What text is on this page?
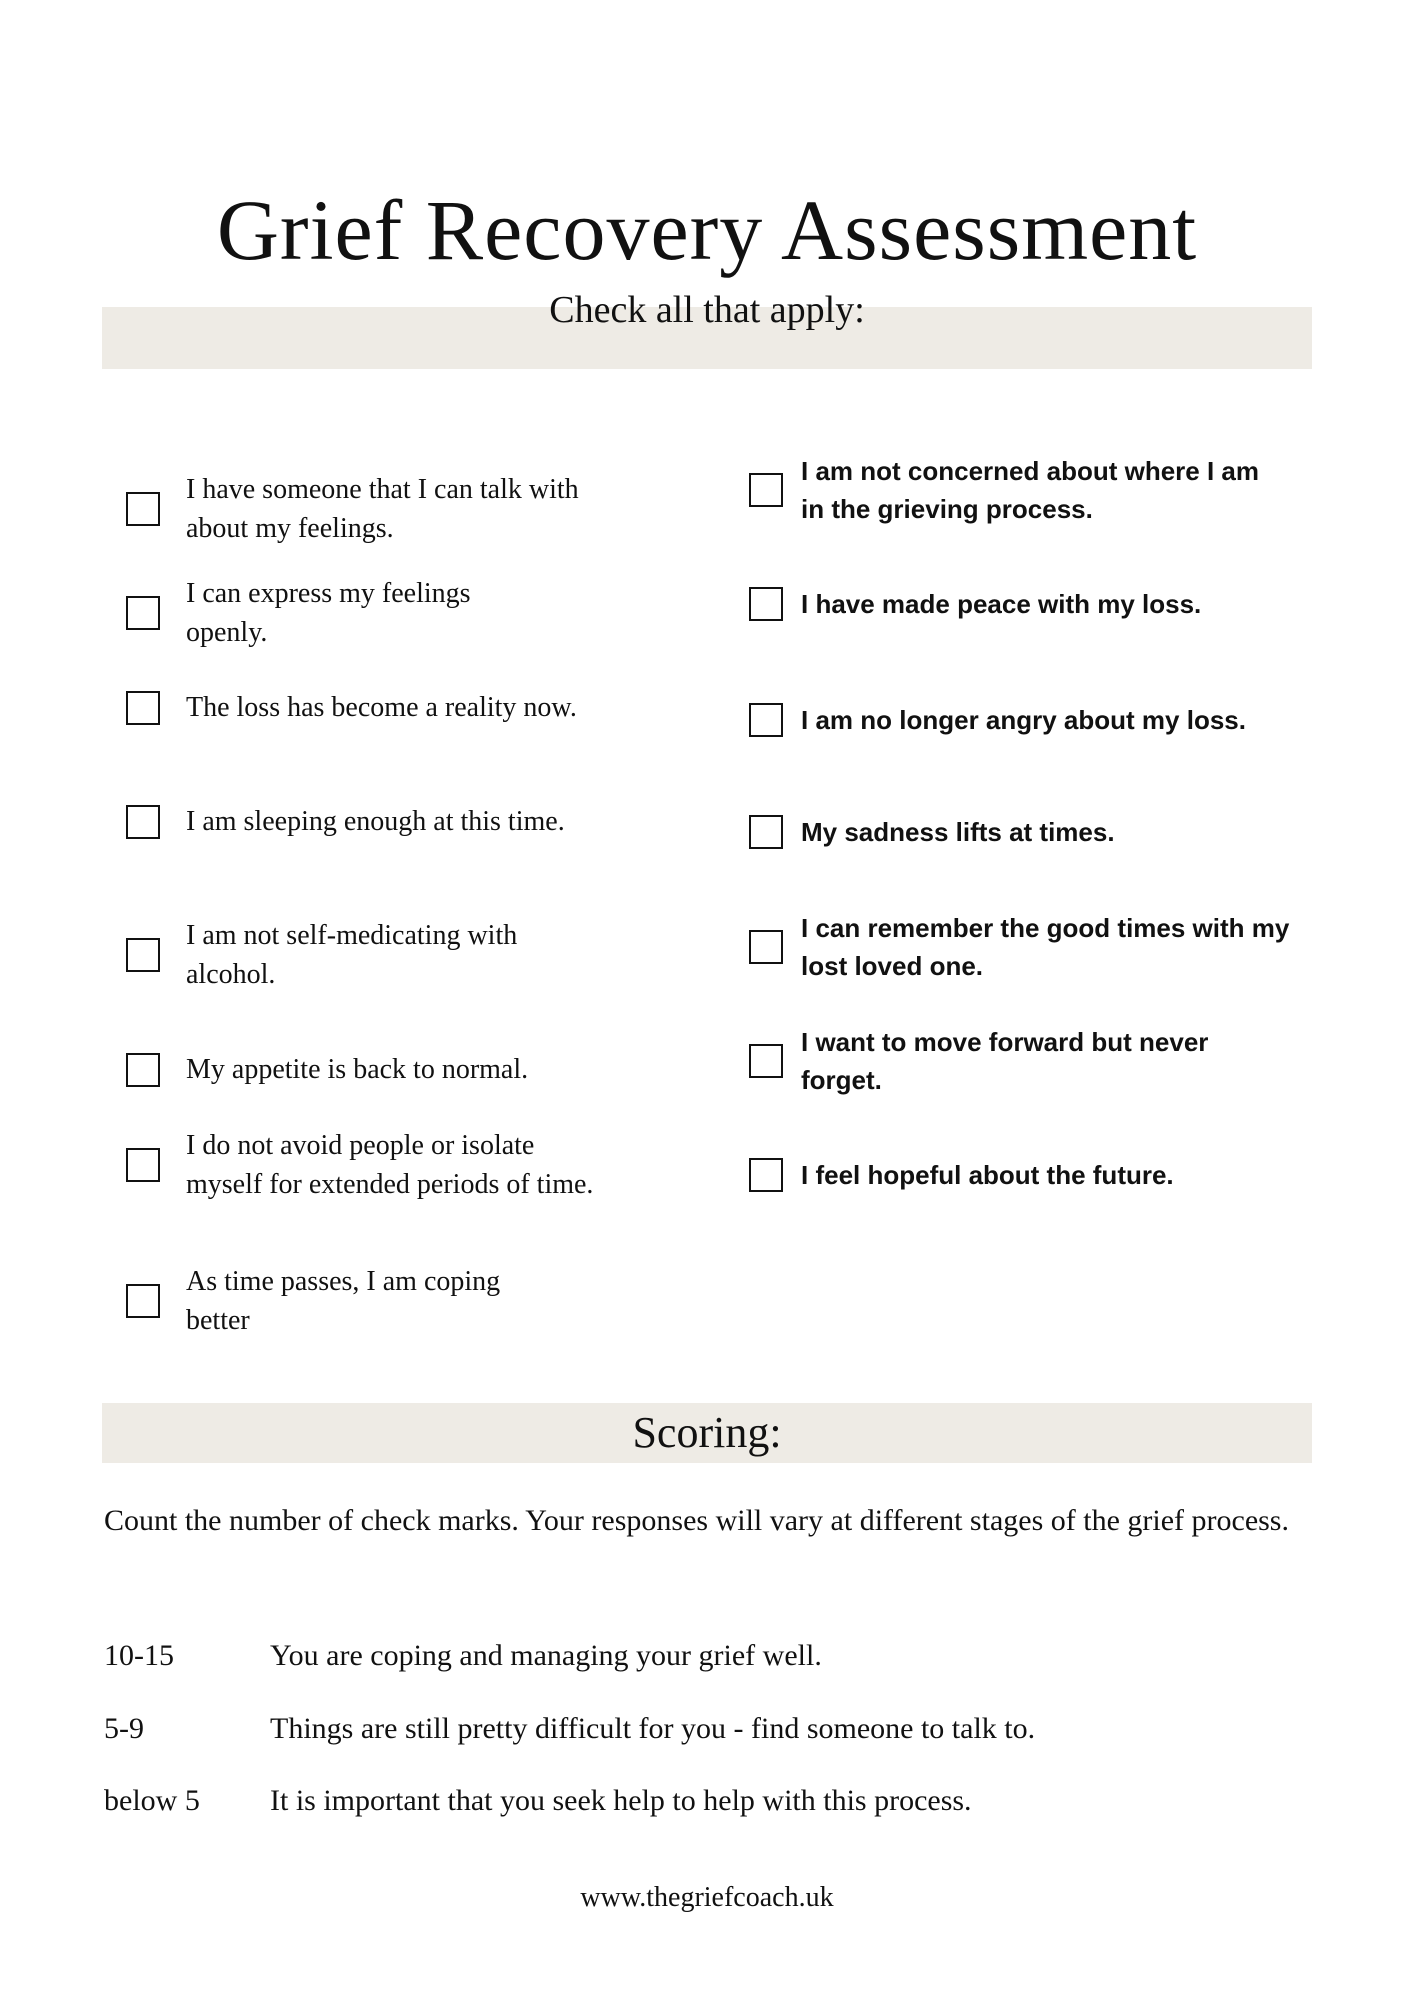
Grief Recovery Assessment
Check all that apply:
I have someone that I can talk with about my feelings.
I can express my feelings openly.
The loss has become a reality now.
I am sleeping enough at this time.
I am not self-medicating with alcohol.
My appetite is back to normal.
I do not avoid people or isolate myself for extended periods of time.
As time passes, I am coping better
I am not concerned about where I am in the grieving process.
I have made peace with my loss.
I am no longer angry about my loss.
My sadness lifts at times.
I can remember the good times with my lost loved one.
I want to move forward but never forget.
I feel hopeful about the future.
Scoring:
Count the number of check marks. Your responses will vary at different stages of the grief process.
10-15	You are coping and managing your grief well.
5-9	Things are still pretty difficult for you - find someone to talk to.
below 5	It is important that you seek help to help with this process.
www.thegriefcoach.uk
